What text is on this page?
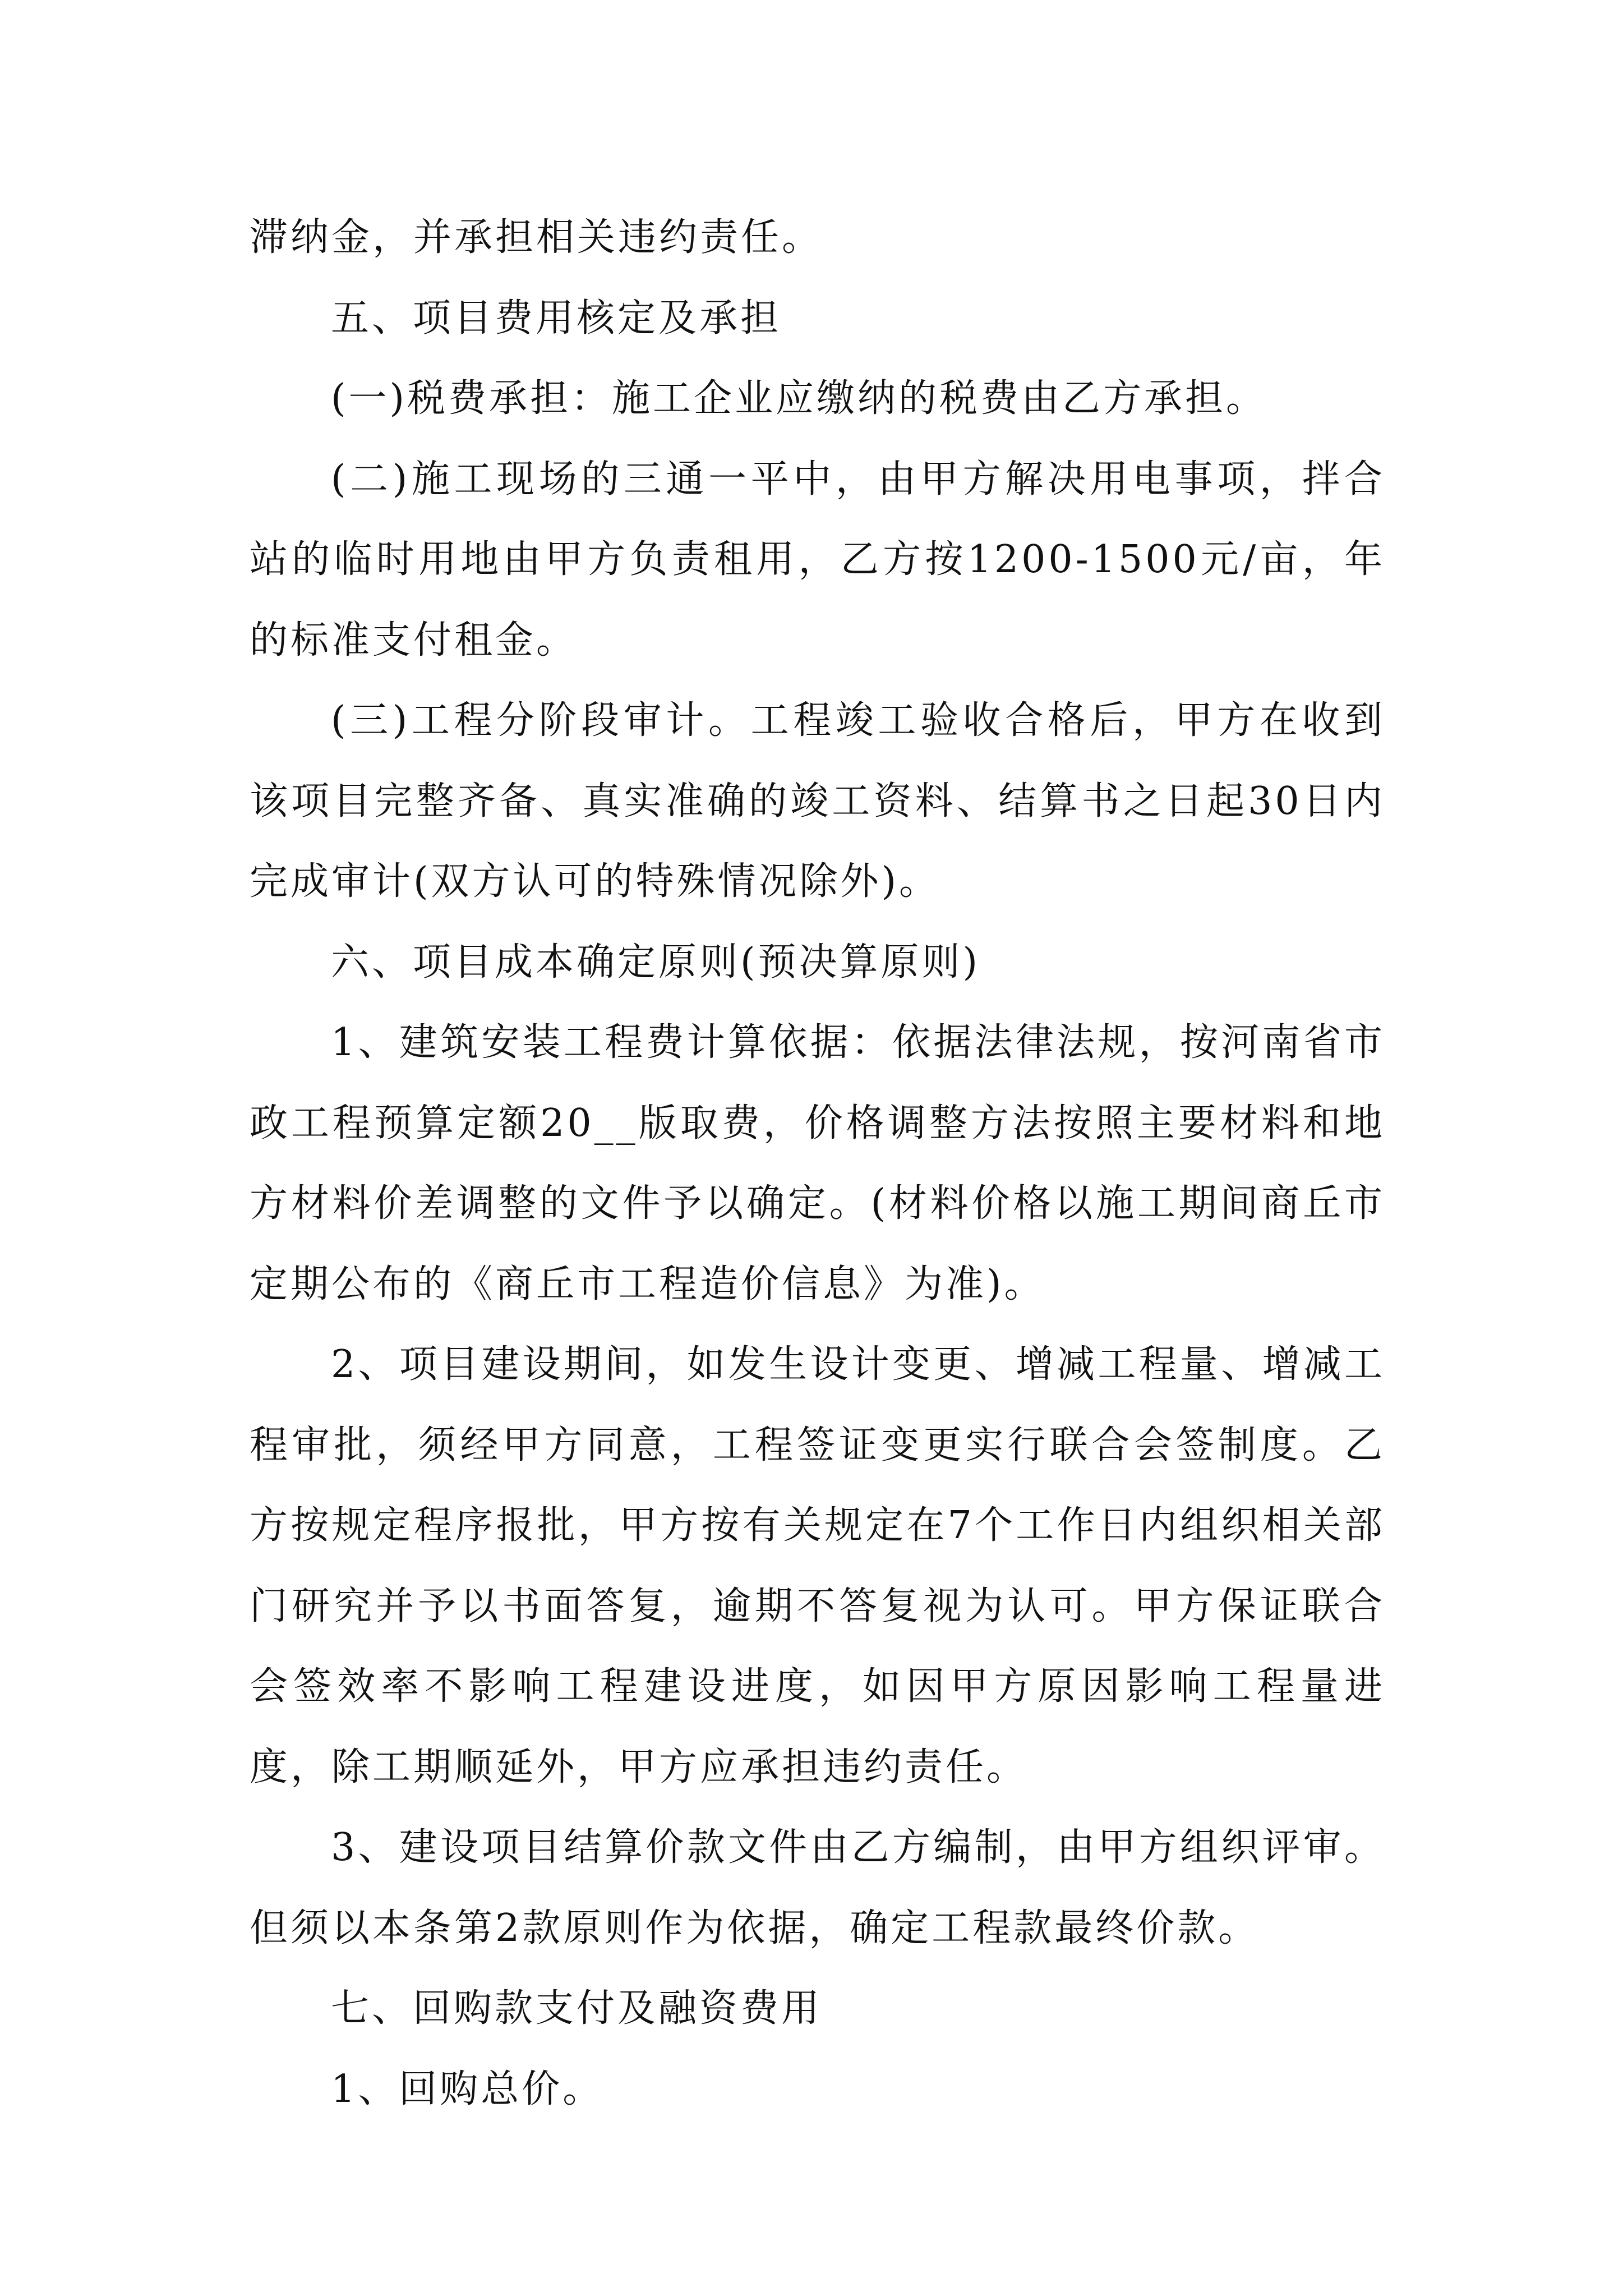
滞纳金，并承担相关违约责任。

五、项目费用核定及承担

(一)税费承担：施工企业应缴纳的税费由乙方承担。

(二)施工现场的三通一平中，由甲方解决用电事项，拌合站的临时用地由甲方负责租用，乙方按1200-1500元/亩，年的标准支付租金。

(三)工程分阶段审计。工程竣工验收合格后，甲方在收到该项目完整齐备、真实准确的竣工资料、结算书之日起30日内完成审计(双方认可的特殊情况除外)。

六、项目成本确定原则(预决算原则)

1、建筑安装工程费计算依据：依据法律法规，按河南省市政工程预算定额20__版取费，价格调整方法按照主要材料和地方材料价差调整的文件予以确定。(材料价格以施工期间商丘市定期公布的《商丘市工程造价信息》为准)。

2、项目建设期间，如发生设计变更、增减工程量、增减工程审批，须经甲方同意，工程签证变更实行联合会签制度。乙方按规定程序报批，甲方按有关规定在7个工作日内组织相关部门研究并予以书面答复，逾期不答复视为认可。甲方保证联合会签效率不影响工程建设进度，如因甲方原因影响工程量进度，除工期顺延外，甲方应承担违约责任。

3、建设项目结算价款文件由乙方编制，由甲方组织评审。但须以本条第2款原则作为依据，确定工程款最终价款。

七、回购款支付及融资费用

1、回购总价。
